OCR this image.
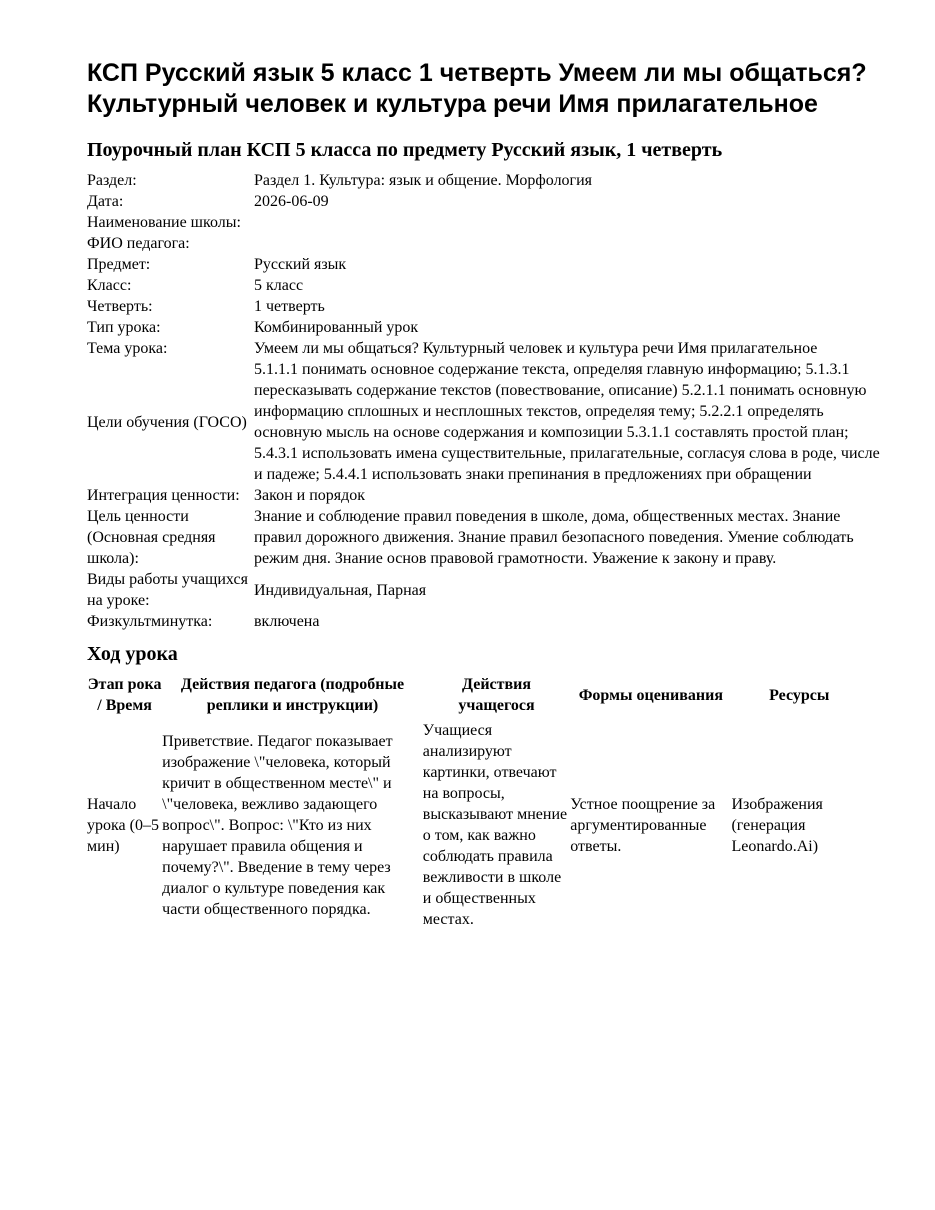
КСП Русский язык 5 класс 1 четверть Умеем ли мы общаться? Культурный человек и культура речи Имя прилагательное
Поурочный план КСП 5 класса по предмету Русский язык, 1 четверть
Раздел:	Раздел 1. Культура: язык и общение. Морфология
Дата:	2026-06-09
Наименование школы:	
ФИО педагога:	
Предмет:	Русский язык
Класс:	5 класс
Четверть:	1 четверть
Тип урока:	Комбинированный урок
Тема урока:	Умеем ли мы общаться? Культурный человек и культура речи Имя прилагательное
Цели обучения (ГОСО)	5.1.1.1 понимать основное содержание текста, определяя главную информацию; 5.1.3.1 пересказывать содержание текстов (повествование, описание) 5.2.1.1 понимать основную информацию сплошных и несплошных текстов, определяя тему; 5.2.2.1 определять основную мысль на основе содержания и композиции 5.3.1.1 составлять простой план; 5.4.3.1 использовать имена существительные, прилагательные, согласуя слова в роде, числе и падеже; 5.4.4.1 использовать знаки препинания в предложениях при обращении
Интеграция ценности:	Закон и порядок
Цель ценности (Основная средняя школа):	Знание и соблюдение правил поведения в школе, дома, общественных местах. Знание правил дорожного движения. Знание правил безопасного поведения. Умение соблюдать режим дня. Знание основ правовой грамотности. Уважение к закону и праву.
Виды работы учащихся на уроке:	Индивидуальная, Парная
Физкультминутка:	включена
Ход урока
Этап рока / Время	Действия педагога (подробные реплики и инструкции)	Действия учащегося	Формы оценивания	Ресурсы
Начало урока (0–5 мин)	Приветствие. Педагог показывает изображение \"человека, который кричит в общественном месте\" и \"человека, вежливо задающего вопрос\". Вопрос: \"Кто из них нарушает правила общения и почему?\". Введение в тему через диалог о культуре поведения как части общественного порядка.	Учащиеся анализируют картинки, отвечают на вопросы, высказывают мнение о том, как важно соблюдать правила вежливости в школе и общественных местах.	Устное поощрение за аргументированные ответы.	Изображения (генерация Leonardo.Ai)
